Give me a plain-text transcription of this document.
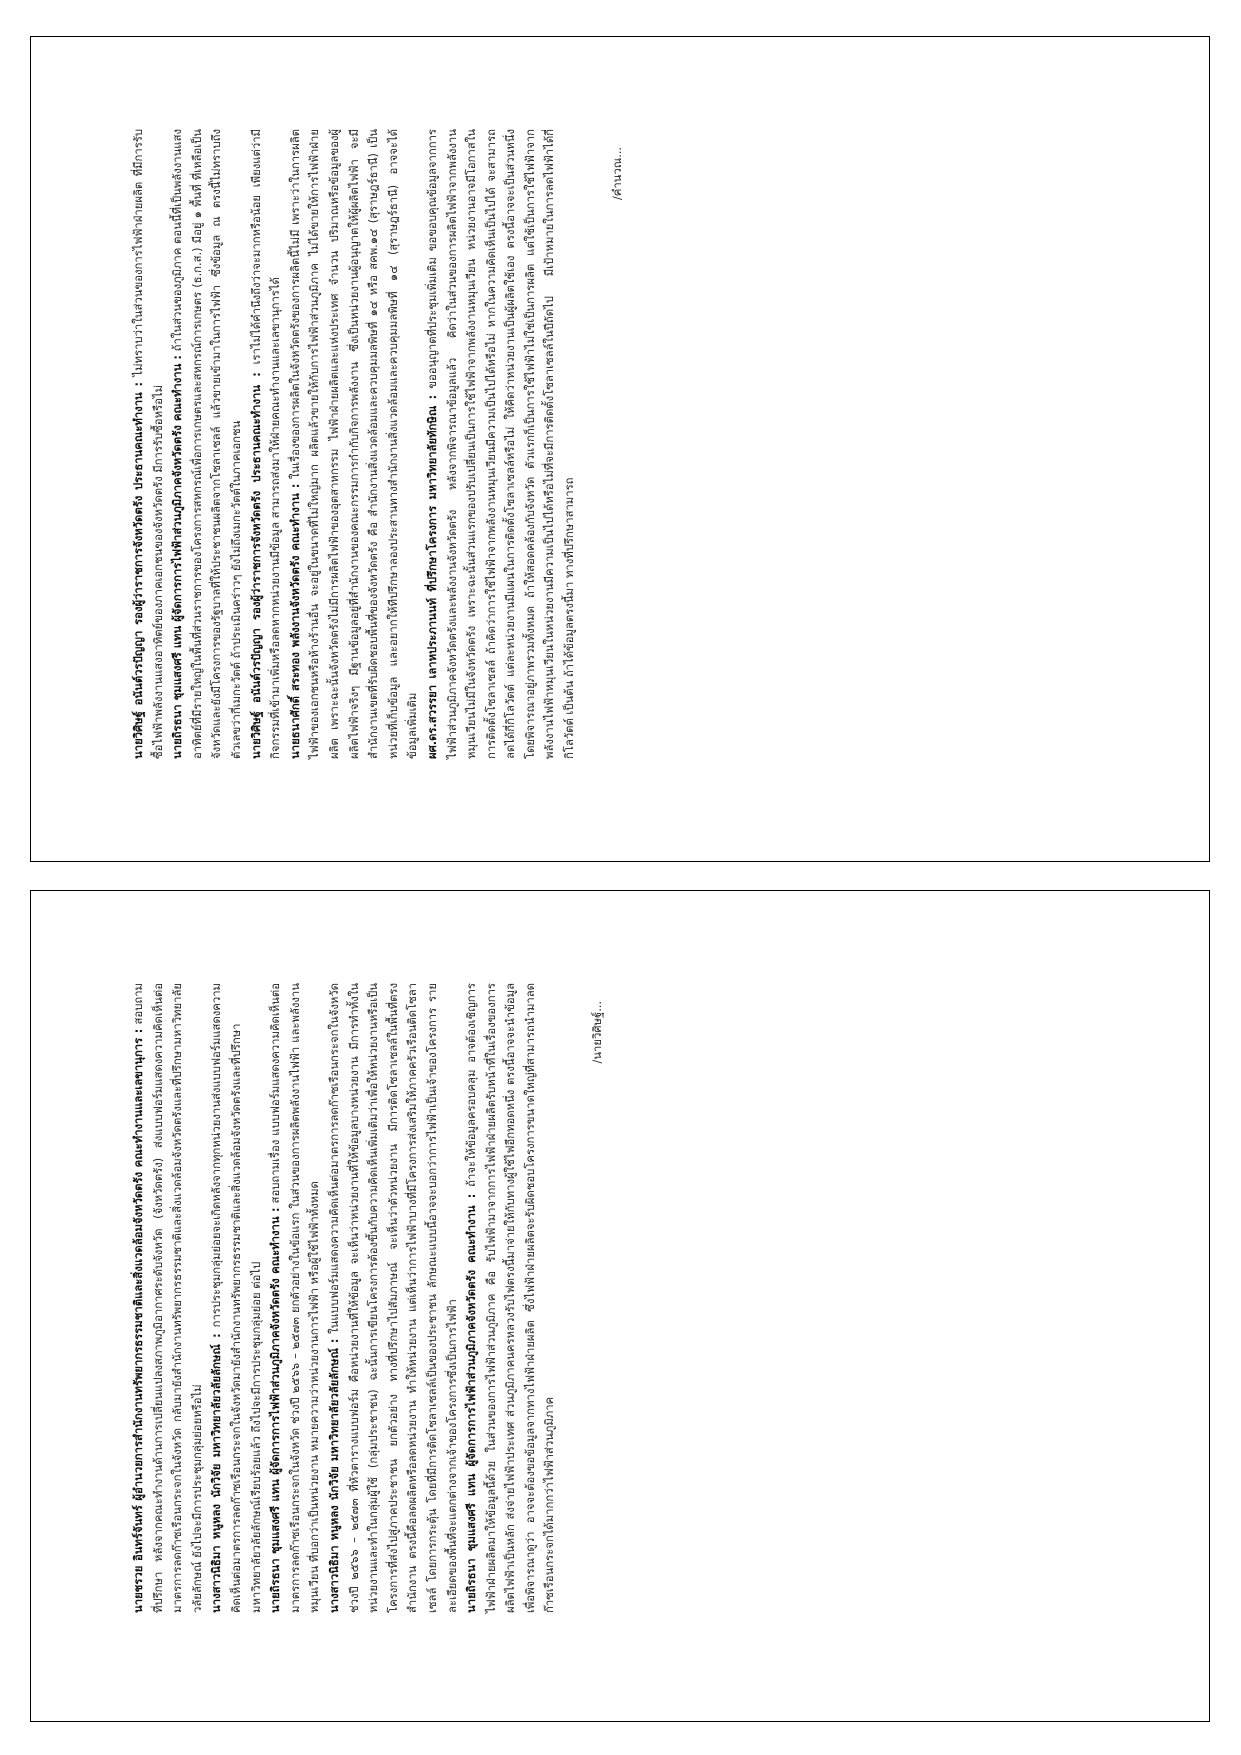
นายวิศิษฐ์ อนันต์วรปัญญา รองผู้ว่าราชการจังหวัดตรัง ประธานคณะทำงาน : ไม่ทราบว่าในส่วนของการไฟฟ้าฝ่ายผลิต ที่มีการรับซื้อไฟฟ้าพลังงานแสงอาทิตย์ของภาคเอกชนของจังหวัดตรัง มีการรับซื้อหรือไม่ นายถิรธนา ชุมแสงศรี แทน ผู้จัดการการไฟฟ้าส่วนภูมิภาคจังหวัดตรัง คณะทำงาน : ถ้าในส่วนของภูมิภาค ตอนนี้ที่เป็นพลังงานแสงอาทิตย์ที่มีรายใหญ่ในพื้นที่ส่วนราชการของโครงการสหกรณ์เพื่อการเกษตรและสหกรณ์การเกษตร (ธ.ก.ส.) มีอยู่ ๑ พื้นที่ ที่เหลือเป็นจังหวัดและยังมีโครงการของรัฐบาลที่ให้ประชาชนผลิตจากโซลาเซลล์ แล้วขายเข้ามาในการไฟฟ้า ซึ่งข้อมูล ณ ตรงนี้ไม่ทราบถึงตัวเลขว่ากี่เมกะวัตต์ ถ้าประเมินคร่าวๆ ยังไม่ถึงเมกะวัตต์ในภาคเอกชน นายวิศิษฐ์ อนันต์วรปัญญา รองผู้ว่าราชการจังหวัดตรัง ประธานคณะทำงาน : เราไม่ได้คำนึงถึงว่าจะมากหรือน้อย เพียงแต่ว่ามีกิจกรรมที่เข้ามาเพิ่มหรือลดหากหน่วยงานมีข้อมูล สามารถส่งมาให้ฝ่ายคณะทำงานและเลขานุการได้ นายธนาศักดิ์ สระทอง พลังงานจังหวัดตรัง คณะทำงาน : ในเรื่องของการผลิตในจังหวัดตรังของการผลิตนี้ไม่มี เพราะว่าในการผลิตไฟฟ้าของเอกชนหรือห้างร้านอื่น จะอยู่ในขนาดที่ไม่ใหญ่มาก ผลิตแล้วขายให้กับการไฟฟ้าส่วนภูมิภาค ไม่ได้ขายให้การไฟฟ้าฝ่ายผลิต เพราะฉะนั้นจังหวัดตรังไม่มีการผลิตไฟฟ้าของอุตสาหกรรม ไฟฟ้าฝ่ายผลิตและแห่งประเทศ จำนวน ปริมาณหรือข้อมูลของผู้ผลิตไฟฟ้าจริงๆ มีฐานข้อมูลอยู่ที่สำนักงานของคณะกรรมการกำกับกิจการพลังงาน ซึ่งเป็นหน่วยงานผู้อนุญาตให้ผู้ผลิตไฟฟ้า จะมีสำนักงานเขตที่รับผิดชอบพื้นที่ของจังหวัดตรัง คือ สำนักงานสิ่งแวดล้อมและควบคุมมลพิษที่ ๑๔ หรือ สคพ.๑๔ (สุราษฎร์ธานี) เป็นหน่วยที่เก็บข้อมูล และอยากให้ทีปรึกษาลองประสานทางสำนักงานสิ่งแวดล้อมและควบคุมมลพิษที่ ๑๔ (สุราษฎร์ธานี) อาจจะได้ข้อมูลเพิ่มเติม ผศ.ดร.สวรรยา เลาหประภานนท์ ที่ปรึกษาโครงการ มหาวิทยาลัยทักษิณ : ขออนุญาตที่ประชุมเพิ่มเติม ขอขอบคุณข้อมูลจากการไฟฟ้าส่วนภูมิภาคจังหวัดตรังและพลังงานจังหวัดตรัง หลังจากพิจารณาข้อมูลแล้ว คิดว่าในส่วนของการผลิตไฟฟ้าจากพลังงานหมุนเวียนไม่มีในจังหวัดตรัง เพราะฉะนั้นส่วนแรกของปรับเปลี่ยนเป็นการใช้ไฟฟ้าจากพลังงานหมุนเวียน หน่วยงานอาจมีโอกาสในการติดตั้งโซลาเซลล์ ถ้าคิดว่าการใช้ไฟฟ้าจากพลังงานหมุนเวียนมีความเป็นไปได้หรือไม่ หากในความคิดเห็นเป็นไปได้ จะสามารถลดได้กี่กิโลวัตต์ แต่ละหน่วยงานมีแผนในการติดตั้งโซลาเซลล์หรือไม่ ให้คิดว่าหน่วยงานเป็นผู้ผลิตใช้เอง ตรงนี้อาจจะเป็นส่วนหนึ่ง โดยพิจารณาอยู่ภาพรวมทั้งหมด ถ้าให้สอดคล้องกับจังหวัด ตัวแรกก็เป็นการใช้ไฟฟ้าไม่ใช่เป็นการผลิต แต่ใช้เป็นการใช้ไฟฟ้าจากพลังงานไฟฟ้าหมุนเวียนในหน่วยงานมีความเป็นไปได้หรือไม่ที่จะมีการติดตั้งโซลาเซลล์ในปีถัดไป มีเป้าหมายในการลดไฟฟ้าได้กี่กิโลวัตต์ เป็นต้น ถ้าได้ข้อมูลตรงนี้มา ทางที่ปรึกษาสามารถ

/คำนวณ...

นายชรวย อินทร์จันทร์ ผู้อำนวยการสำนักงานทรัพยากรธรรมชาติและสิ่งแวดล้อมจังหวัดตรัง คณะทำงานและเลขานุการ : สอบถามที่ปรึกษา หลังจากคณะทำงานด้านการเปลี่ยนแปลงสภาพภูมิอากาศระดับจังหวัด (จังหวัดตรัง) ส่งแบบฟอร์มแสดงความคิดเห็นต่อมาตรการลดก๊าซเรือนกระจกในจังหวัด กลับมายังสำนักงานทรัพยากรธรรมชาติและสิ่งแวดล้อมจังหวัดตรังและที่ปรึกษามหาวิทยาลัยวลัยลักษณ์ ยังไปจะมีการประชุมกลุ่มย่อยหรือไม่ นางสาวนิธิมา หนูหลง นักวิจัย มหาวิทยาลัยวลัยลักษณ์ : การประชุมกลุ่มย่อยจะเกิดหลังจากทุกหน่วยงานส่งแบบฟอร์มแสดงความคิดเห็นต่อมาตรการลดก๊าซเรือนกระจกในจังหวัดมายังสำนักงานทรัพยากรธรรมชาติและสิ่งแวดล้อมจังหวัดตรังและที่ปรึกษามหาวิทยาลัยวลัยลักษณ์เรียบร้อยแล้ว ถึงไปจะมีการประชุมกลุ่มย่อย ต่อไป นายถิรธนา ชุมแสงศรี แทน ผู้จัดการการไฟฟ้าส่วนภูมิภาคจังหวัดตรัง คณะทำงาน : สอบถามเรื่อง แบบฟอร์มแสดงความคิดเห็นต่อมาตรการลดก๊าซเรือนกระจกในจังหวัด ช่วงปี ๒๕๖๖ – ๒๕๗๓ ยกตัวอย่างในข้อแรก ในส่วนของการผลิตพลังงานไฟฟ้า และพลังงานหมุนเวียน ที่บอกว่าเป็นหน่วยงาน หมายความว่าหน่วยงานการไฟฟ้า หรือผู้ใช้ไฟฟ้าทั้งหมด นางสาวนิธิมา หนูหลง นักวิจัย มหาวิทยาลัยวลัยลักษณ์ : ในแบบฟอร์มแสดงความคิดเห็นต่อมาตรการลดก๊าซเรือนกระจกในจังหวัด ช่วงปี ๒๕๖๖ – ๒๕๗๓ ที่หัวตารางแบบฟอร์ม คือหน่วยงานที่ให้ข้อมูล จะเห็นว่าหน่วยงานที่ให้ข้อมูลบางหน่วยงาน มีการทำทั้งในหน่วยงานและทำในกลุ่มผู้ใช้ (กลุ่มประชาชน) ฉะนั้นการเขียนโครงการต้องขึ้นกับความคิดเห็นเพิ่มเติมว่าเพื่อให้หน่วยงานหรือเป็นโครงการที่ส่งไปสู่ภาคประชาชน ยกตัวอย่าง ทางที่ปรึกษาไปสัมภาษณ์ จะเห็นว่าตัวหน่วยงาน มีการติดโซลาเซลล์ในพื้นที่ตรงสำนักงาน ตรงนี้คือลดผลิตหรือลดหน่วยงาน ทำให้หน่วยงาน แต่เห็นว่าการไฟฟ้าบางที่มีโครงการส่งเสริมให้ภาคครัวเรือนติดโซลาเซลล์ โดยการกระตุ้น โดยที่มีการติดโซลาเซลล์เป็นของประชาชน ลักษณะแบบนี้อาจจะบอกว่าการไฟฟ้าเป็นเจ้าของโครงการ รายละเอียดของพื้นที่จะแตกต่างจากเจ้าของโครงการซึ่งเป็นการไฟฟ้า นายถิรธนา ชุมแสงศรี แทน ผู้จัดการการไฟฟ้าส่วนภูมิภาคจังหวัดตรัง คณะทำงาน : ถ้าจะให้ข้อมูลครอบคลุม อาจต้องเชิญการไฟฟ้าฝ่ายผลิตมาให้ข้อมูลนี้ด้วย ในส่วนของการไฟฟ้าส่วนภูมิภาค คือ รับไฟฟ้ามาจากการไฟฟ้าฝ่ายผลิตรับหน้าที่ในเรื่องของการผลิตไฟฟ้าเป็นหลัก ส่งจ่ายไฟฟ้าประเทศ ส่วนภูมิภาคนครหลวงรับไฟตรงนี้มาจ่ายให้กับทางผู้ใช้ไฟอีกทอดหนึ่ง ตรงนี้อาจจะนำข้อมูลเพื่อพิจารณาดูว่า อาจจะต้องขอข้อมูลจากทางไฟฟ้าฝ่ายผลิต ซึ่งไฟฟ้าฝ่ายผลิตจะรับผิดชอบโครงการขนาดใหญ่ที่สามารถนำมาลดก๊าซเรือนกระจกได้มากกว่าไฟฟ้าส่วนภูมิภาค

/นายวิศิษฐ์...
